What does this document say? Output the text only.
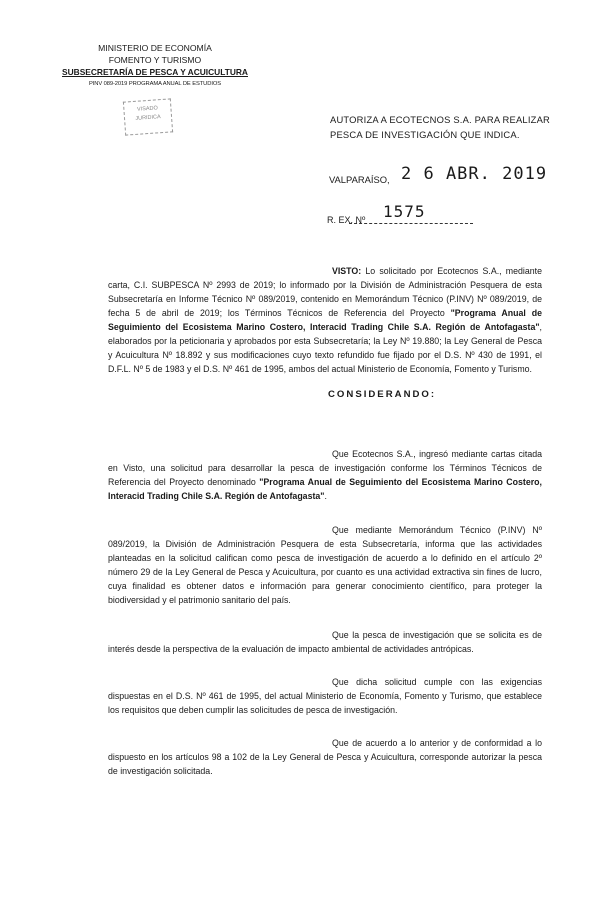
MINISTERIO DE ECONOMÍA
FOMENTO Y TURISMO
SUBSECRETARÍA DE PESCA Y ACUICULTURA
PINV 089-2019 PROGRAMA ANUAL DE ESTUDIOS
VISADO
JURIDICA	AUTORIZA A ECOTECNOS S.A. PARA REALIZAR PESCA DE INVESTIGACIÓN QUE INDICA.
VALPARAÍSO, 2 6 ABR. 2019
1575
R. EX. Nº
VISTO: Lo solicitado por Ecotecnos S.A., mediante carta, C.I. SUBPESCA Nº 2993 de 2019; lo informado por la División de Administración Pesquera de esta Subsecretaría en Informe Técnico Nº 089/2019, contenido en Memorándum Técnico (P.INV) Nº 089/2019, de fecha 5 de abril de 2019; los Términos Técnicos de Referencia del Proyecto "Programa Anual de Seguimiento del Ecosistema Marino Costero, Interacid Trading Chile S.A. Región de Antofagasta", elaborados por la peticionaria y aprobados por esta Subsecretaría; la Ley Nº 19.880; la Ley General de Pesca y Acuicultura Nº 18.892 y sus modificaciones cuyo texto refundido fue fijado por el D.S. Nº 430 de 1991, el D.F.L. Nº 5 de 1983 y el D.S. Nº 461 de 1995, ambos del actual Ministerio de Economía, Fomento y Turismo.
CONSIDERANDO:
Que Ecotecnos S.A., ingresó mediante cartas citada en Visto, una solicitud para desarrollar la pesca de investigación conforme los Términos Técnicos de Referencia del Proyecto denominado "Programa Anual de Seguimiento del Ecosistema Marino Costero, Interacid Trading Chile S.A. Región de Antofagasta".
Que mediante Memorándum Técnico (P.INV) Nº 089/2019, la División de Administración Pesquera de esta Subsecretaría, informa que las actividades planteadas en la solicitud califican como pesca de investigación de acuerdo a lo definido en el artículo 2º número 29 de la Ley General de Pesca y Acuicultura, por cuanto es una actividad extractiva sin fines de lucro, cuya finalidad es obtener datos e información para generar conocimiento científico, para proteger la biodiversidad y el patrimonio sanitario del país.
Que la pesca de investigación que se solicita es de interés desde la perspectiva de la evaluación de impacto ambiental de actividades antrópicas.
Que dicha solicitud cumple con las exigencias dispuestas en el D.S. Nº 461 de 1995, del actual Ministerio de Economía, Fomento y Turismo, que establece los requisitos que deben cumplir las solicitudes de pesca de investigación.
Que de acuerdo a lo anterior y de conformidad a lo dispuesto en los artículos 98 a 102 de la Ley General de Pesca y Acuicultura, corresponde autorizar la pesca de investigación solicitada.
